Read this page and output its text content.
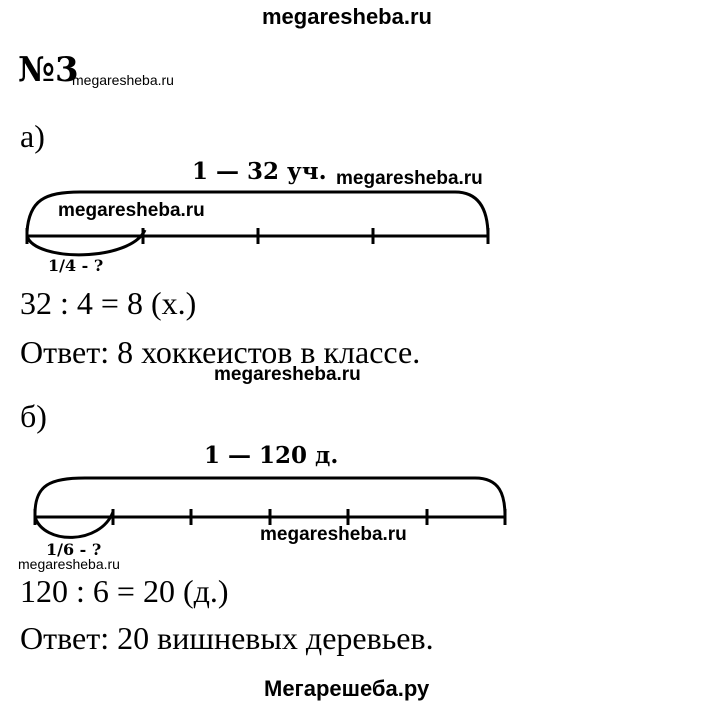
megaresheba.ru
№3
megaresheba.ru
а)
1 — 32 уч. megaresheba.ru
megaresheba.ru
1/4 - ?
32 : 4 = 8 (х.)
Ответ: 8 хоккеистов в классе.
megaresheba.ru
б)
1 — 120 д.
megaresheba.ru
1/6 - ?
megaresheba.ru
120 : 6 = 20 (д.)
Ответ: 20 вишневых деревьев.
Мегарешеба.ру
